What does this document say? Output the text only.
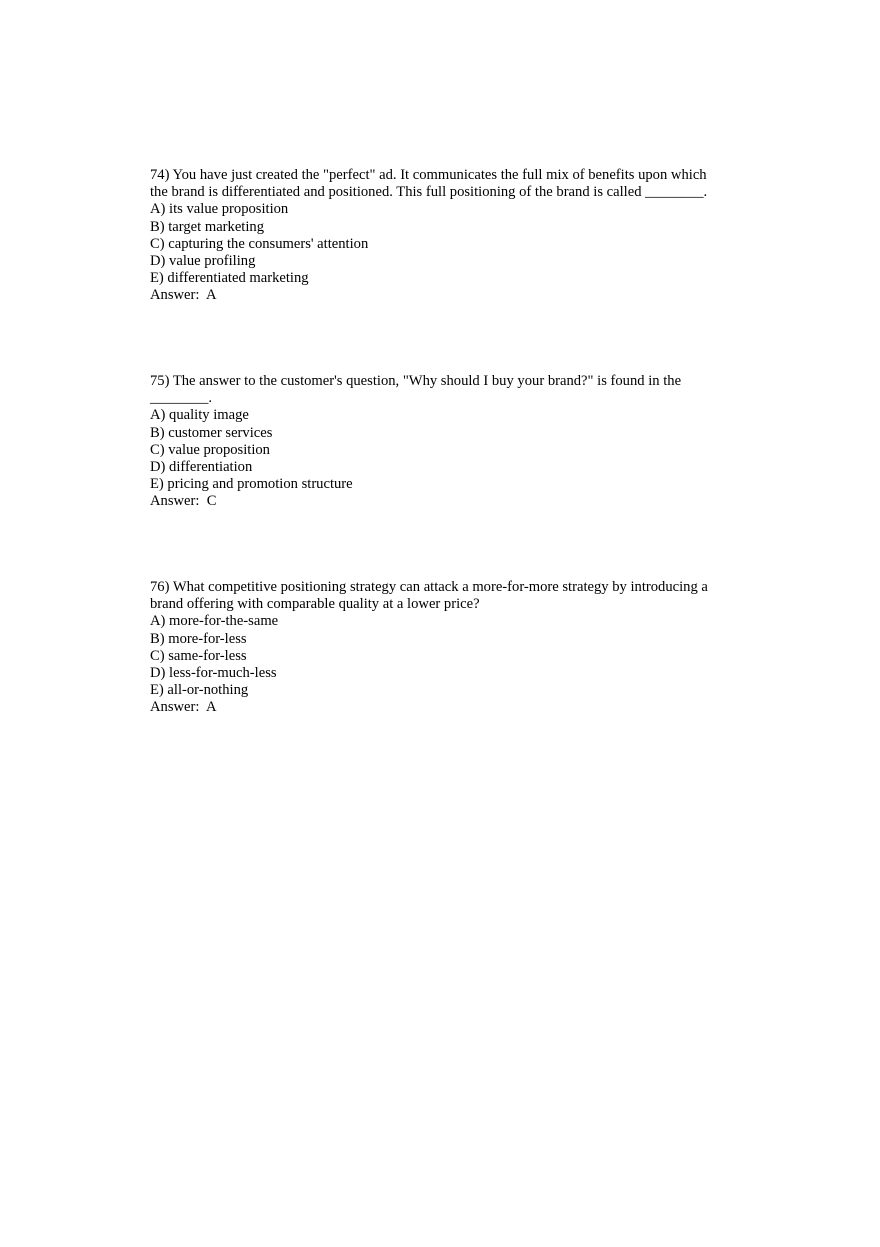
74) You have just created the "perfect" ad. It communicates the full mix of benefits upon which the brand is differentiated and positioned. This full positioning of the brand is called ________.

A) its value proposition
B) target marketing
C) capturing the consumers' attention
D) value profiling
E) differentiated marketing

Answer:  A

75) The answer to the customer's question, "Why should I buy your brand?" is found in the ________.

A) quality image
B) customer services
C) value proposition
D) differentiation
E) pricing and promotion structure

Answer:  C

76) What competitive positioning strategy can attack a more-for-more strategy by introducing a brand offering with comparable quality at a lower price?

A) more-for-the-same
B) more-for-less
C) same-for-less
D) less-for-much-less
E) all-or-nothing

Answer:  A
